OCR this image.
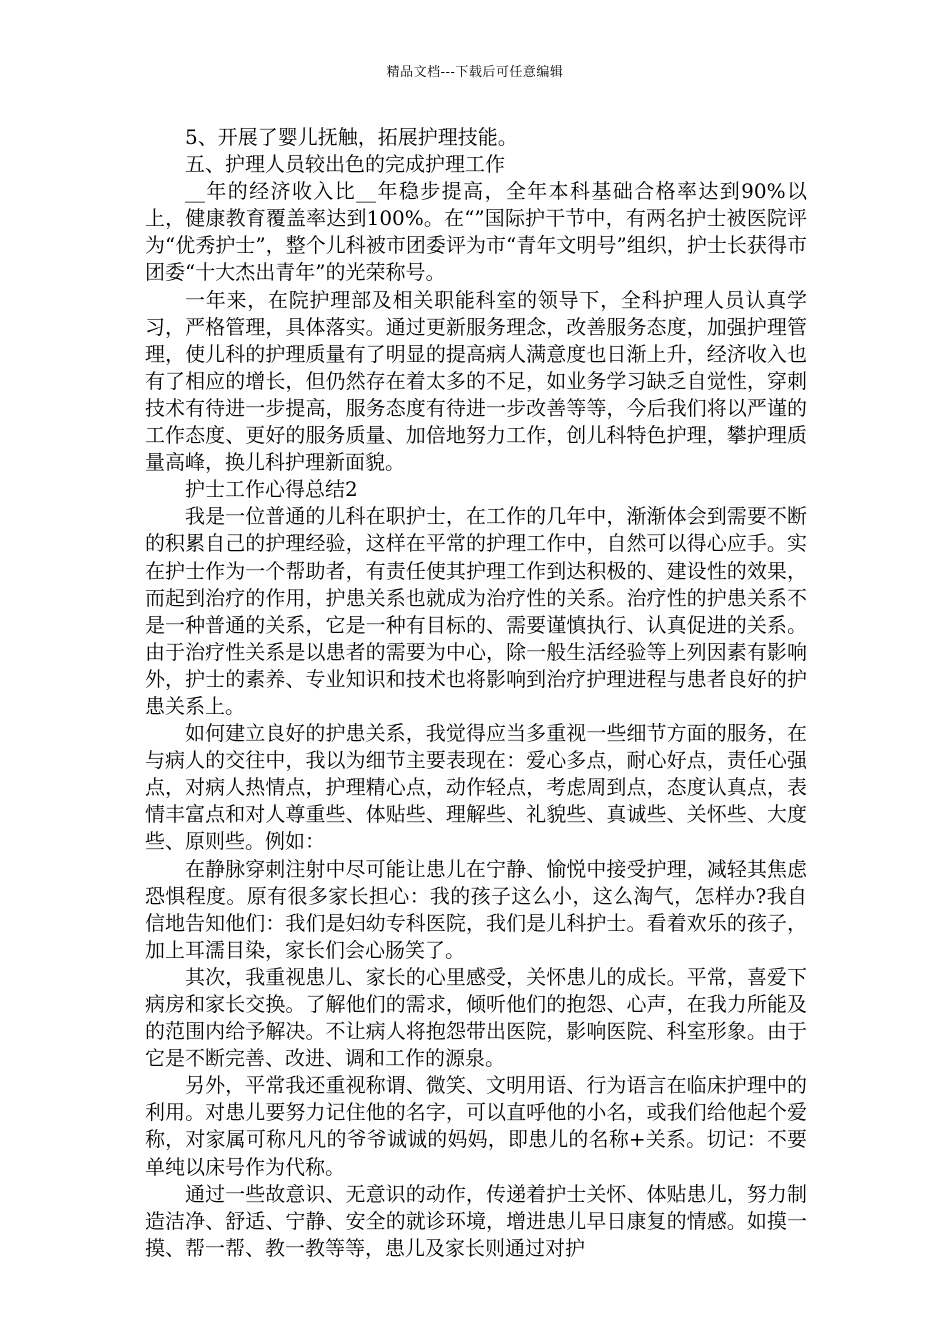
精品文档---下载后可任意编辑

5、开展了婴儿抚触，拓展护理技能。

五、护理人员较出色的完成护理工作

__年的经济收入比__年稳步提高，全年本科基础合格率达到90%以上，健康教育覆盖率达到100%。在“”国际护干节中，有两名护士被医院评为“优秀护士”，整个儿科被市团委评为市“青年文明号”组织，护士长获得市团委“十大杰出青年”的光荣称号。

一年来，在院护理部及相关职能科室的领导下，全科护理人员认真学习，严格管理，具体落实。通过更新服务理念，改善服务态度，加强护理管理，使儿科的护理质量有了明显的提高病人满意度也日渐上升，经济收入也有了相应的增长，但仍然存在着太多的不足，如业务学习缺乏自觉性，穿刺技术有待进一步提高，服务态度有待进一步改善等等，今后我们将以严谨的工作态度、更好的服务质量、加倍地努力工作，创儿科特色护理，攀护理质量高峰，换儿科护理新面貌。

护士工作心得总结2

我是一位普通的儿科在职护士，在工作的几年中，渐渐体会到需要不断的积累自己的护理经验，这样在平常的护理工作中，自然可以得心应手。实在护士作为一个帮助者，有责任使其护理工作到达积极的、建设性的效果，而起到治疗的作用，护患关系也就成为治疗性的关系。治疗性的护患关系不是一种普通的关系，它是一种有目标的、需要谨慎执行、认真促进的关系。由于治疗性关系是以患者的需要为中心，除一般生活经验等上列因素有影响外，护士的素养、专业知识和技术也将影响到治疗护理进程与患者良好的护患关系上。

如何建立良好的护患关系，我觉得应当多重视一些细节方面的服务，在与病人的交往中，我以为细节主要表现在：爱心多点，耐心好点，责任心强点，对病人热情点，护理精心点，动作轻点，考虑周到点，态度认真点，表情丰富点和对人尊重些、体贴些、理解些、礼貌些、真诚些、关怀些、大度些、原则些。例如：

在静脉穿刺注射中尽可能让患儿在宁静、愉悦中接受护理，减轻其焦虑恐惧程度。原有很多家长担心：我的孩子这么小，这么淘气，怎样办?我自信地告知他们：我们是妇幼专科医院，我们是儿科护士。看着欢乐的孩子，加上耳濡目染，家长们会心肠笑了。

其次，我重视患儿、家长的心里感受，关怀患儿的成长。平常，喜爱下病房和家长交换。了解他们的需求，倾听他们的抱怨、心声，在我力所能及的范围内给予解决。不让病人将抱怨带出医院，影响医院、科室形象。由于它是不断完善、改进、调和工作的源泉。

另外，平常我还重视称谓、微笑、文明用语、行为语言在临床护理中的利用。对患儿要努力记住他的名字，可以直呼他的小名，或我们给他起个爱称，对家属可称凡凡的爷爷诚诚的妈妈，即患儿的名称+关系。切记：不要单纯以床号作为代称。

通过一些故意识、无意识的动作，传递着护士关怀、体贴患儿，努力制造洁净、舒适、宁静、安全的就诊环境，增进患儿早日康复的情感。如摸一摸、帮一帮、教一教等等，患儿及家长则通过对护
